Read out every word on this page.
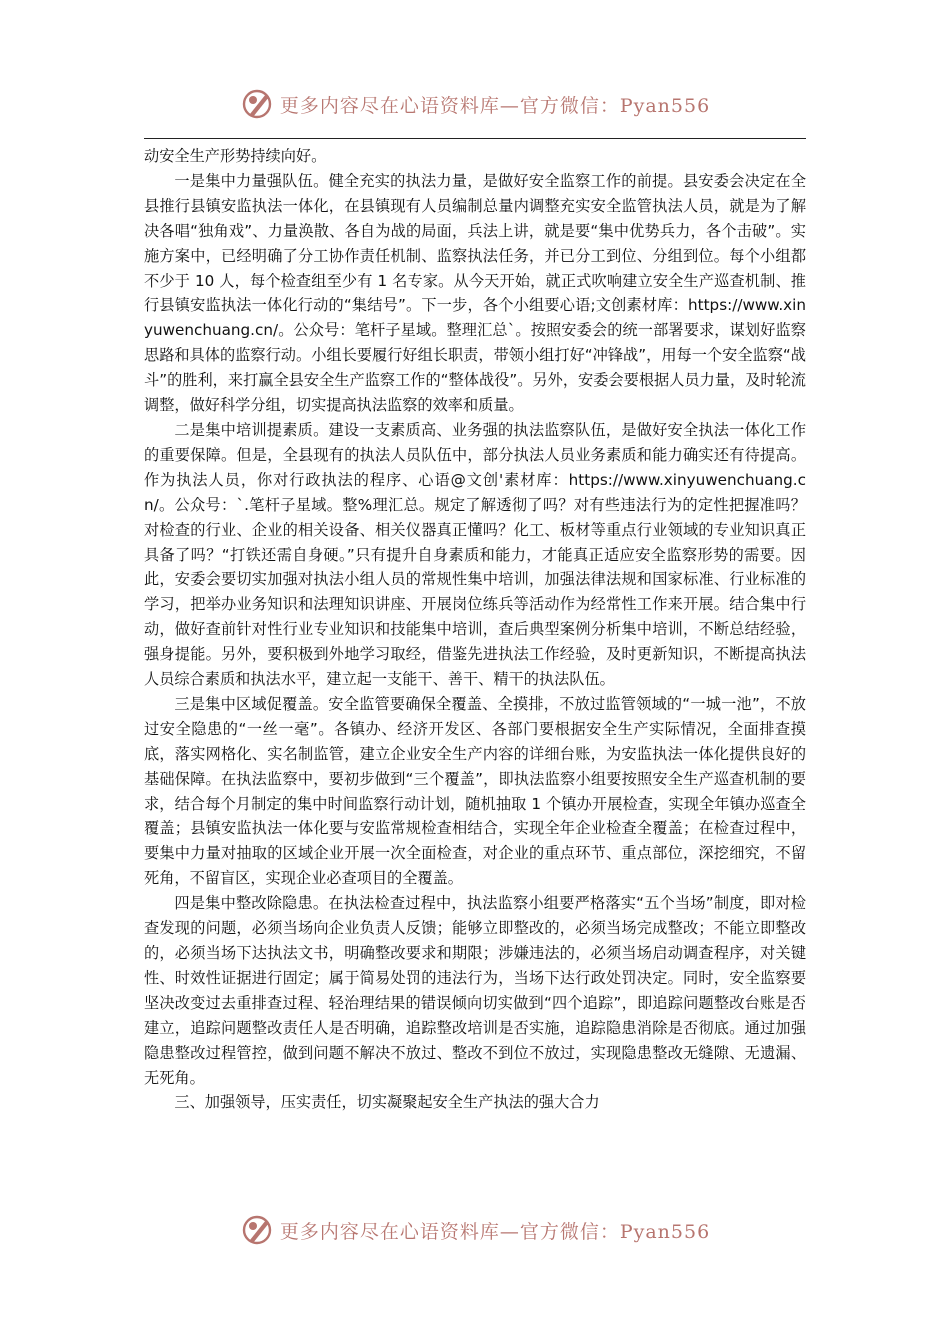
更多内容尽在心语资料库—官方微信：Pyan556

动安全生产形势持续向好。

一是集中力量强队伍。健全充实的执法力量，是做好安全监察工作的前提。县安委会决定在全县推行县镇安监执法一体化，在县镇现有人员编制总量内调整充实安全监管执法人员，就是为了解决各唱“独角戏”、力量涣散、各自为战的局面，兵法上讲，就是要“集中优势兵力，各个击破”。实施方案中，已经明确了分工协作责任机制、监察执法任务，并已分工到位、分组到位。每个小组都不少于 10 人，每个检查组至少有 1 名专家。从今天开始，就正式吹响建立安全生产巡查机制、推行县镇安监执法一体化行动的“集结号”。下一步，各个小组要心语;文创素材库：https://www.xinyuwenchuang.cn/。公众号：笔杆子星域。整理汇总`。按照安委会的统一部署要求，谋划好监察思路和具体的监察行动。小组长要履行好组长职责，带领小组打好“冲锋战”，用每一个安全监察“战斗”的胜利，来打赢全县安全生产监察工作的“整体战役”。另外，安委会要根据人员力量，及时轮流调整，做好科学分组，切实提高执法监察的效率和质量。

二是集中培训提素质。建设一支素质高、业务强的执法监察队伍，是做好安全执法一体化工作的重要保障。但是，全县现有的执法人员队伍中，部分执法人员业务素质和能力确实还有待提高。作为执法人员，你对行政执法的程序、心语@文创'素材库：https://www.xinyuwenchuang.cn/。公众号：`.笔杆子星域。整%理汇总。规定了解透彻了吗？对有些违法行为的定性把握准吗？对检查的行业、企业的相关设备、相关仪器真正懂吗？化工、板材等重点行业领域的专业知识真正具备了吗？“打铁还需自身硬。”只有提升自身素质和能力，才能真正适应安全监察形势的需要。因此，安委会要切实加强对执法小组人员的常规性集中培训，加强法律法规和国家标准、行业标准的学习，把举办业务知识和法理知识讲座、开展岗位练兵等活动作为经常性工作来开展。结合集中行动，做好查前针对性行业专业知识和技能集中培训，查后典型案例分析集中培训，不断总结经验，强身提能。另外，要积极到外地学习取经，借鉴先进执法工作经验，及时更新知识，不断提高执法人员综合素质和执法水平，建立起一支能干、善干、精干的执法队伍。

三是集中区域促覆盖。安全监管要确保全覆盖、全摸排，不放过监管领域的“一城一池”，不放过安全隐患的“一丝一毫”。各镇办、经济开发区、各部门要根据安全生产实际情况，全面排查摸底，落实网格化、实名制监管，建立企业安全生产内容的详细台账，为安监执法一体化提供良好的基础保障。在执法监察中，要初步做到“三个覆盖”，即执法监察小组要按照安全生产巡查机制的要求，结合每个月制定的集中时间监察行动计划，随机抽取 1 个镇办开展检查，实现全年镇办巡查全覆盖；县镇安监执法一体化要与安监常规检查相结合，实现全年企业检查全覆盖；在检查过程中，要集中力量对抽取的区域企业开展一次全面检查，对企业的重点环节、重点部位，深挖细究，不留死角，不留盲区，实现企业必查项目的全覆盖。

四是集中整改除隐患。在执法检查过程中，执法监察小组要严格落实“五个当场”制度，即对检查发现的问题，必须当场向企业负责人反馈；能够立即整改的，必须当场完成整改；不能立即整改的，必须当场下达执法文书，明确整改要求和期限；涉嫌违法的，必须当场启动调查程序，对关键性、时效性证据进行固定；属于简易处罚的违法行为，当场下达行政处罚决定。同时，安全监察要坚决改变过去重排查过程、轻治理结果的错误倾向切实做到“四个追踪”，即追踪问题整改台账是否建立，追踪问题整改责任人是否明确，追踪整改培训是否实施，追踪隐患消除是否彻底。通过加强隐患整改过程管控，做到问题不解决不放过、整改不到位不放过，实现隐患整改无缝隙、无遗漏、无死角。

三、加强领导，压实责任，切实凝聚起安全生产执法的强大合力

更多内容尽在心语资料库—官方微信：Pyan556
